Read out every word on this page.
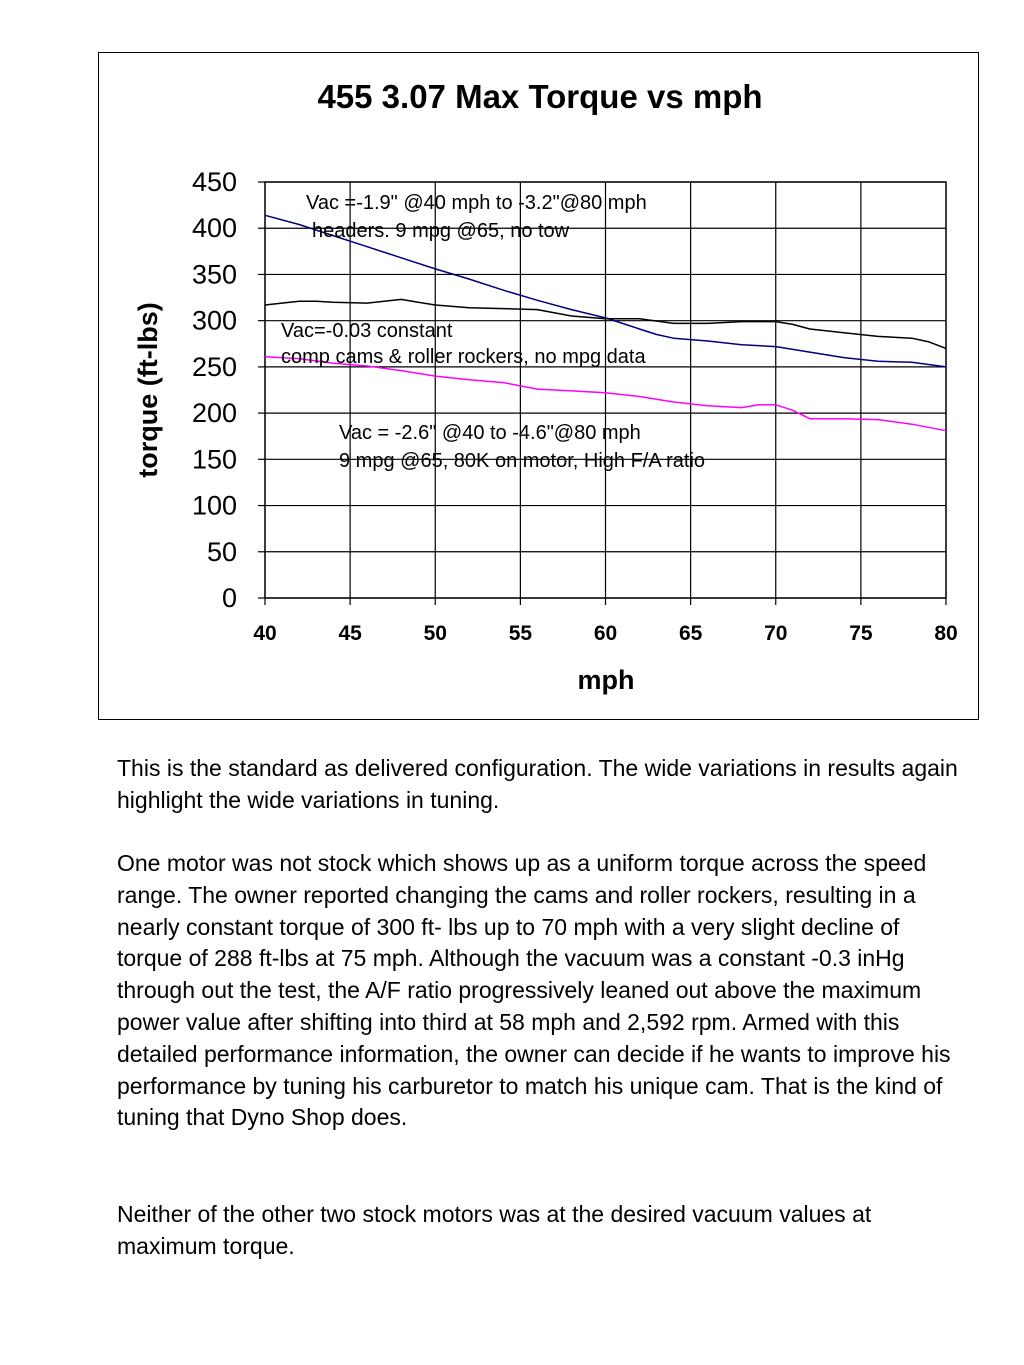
455 3.07 Max Torque vs mph
0
50
100
150
200
250
300
350
400
450
40	45	50	55	60	65	70	75	80
Vac =-1.9" @40 mph to -3.2"@80 mph
headers. 9 mpg @65, no tow
Vac=-0.03 constant
comp cams & roller rockers, no mpg data
Vac = -2.6" @40 to -4.6"@80 mph
9 mpg @65, 80K on motor, High F/A ratio
mph
torque (ft-lbs)

This is the standard as delivered configuration. The wide variations in results again highlight the wide variations in tuning.

One motor was not stock which shows up as a uniform torque across the speed range. The owner reported changing the cams and roller rockers, resulting in a nearly constant torque of 300 ft- lbs up to 70 mph with a very slight decline of torque of 288 ft-lbs at 75 mph. Although the vacuum was a constant -0.3 inHg through out the test, the A/F ratio progressively leaned out above the maximum power value after shifting into third at 58 mph and 2,592 rpm. Armed with this detailed performance information, the owner can decide if he wants to improve his performance by tuning his carburetor to match his unique cam. That is the kind of tuning that Dyno Shop does.

Neither of the other two stock motors was at the desired vacuum values at maximum torque.
